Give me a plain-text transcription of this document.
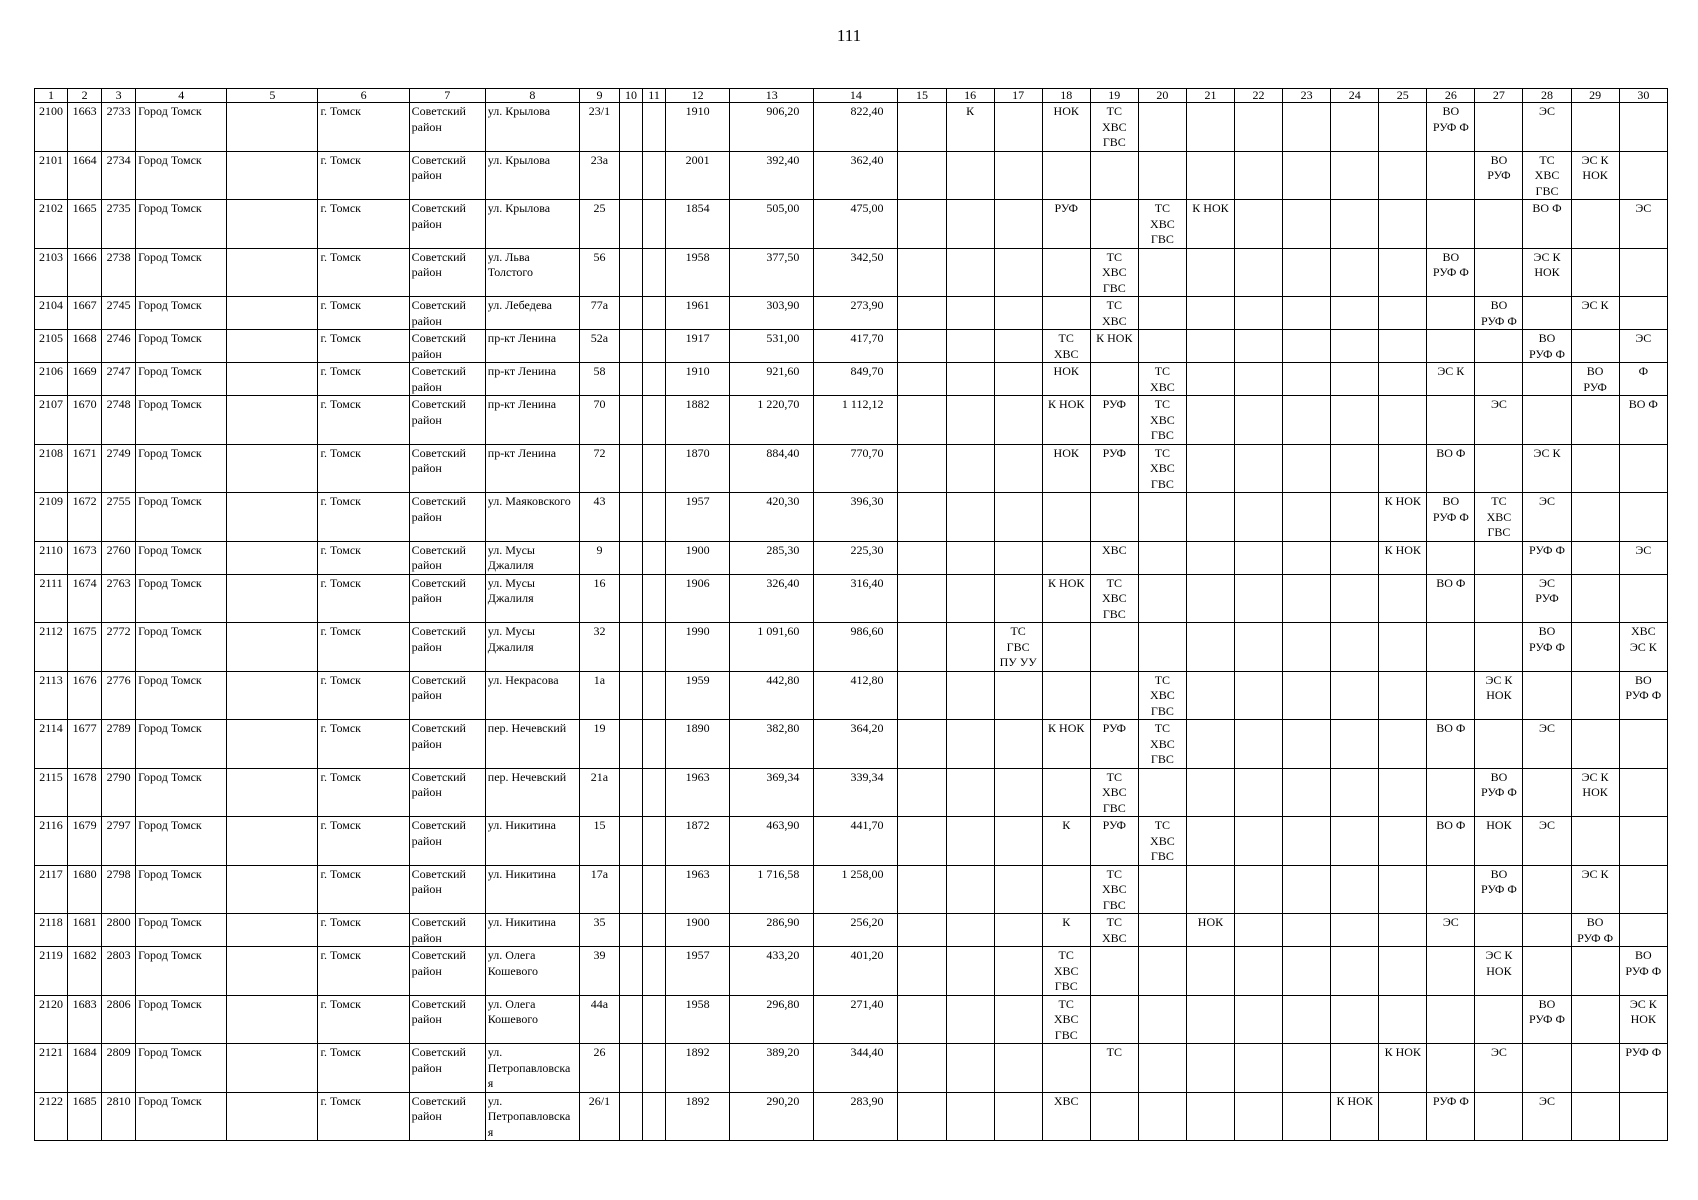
111
1	2	3	4	5	6	7	8	9	10	11	12	13	14	15	16	17	18	19	20	21	22	23	24	25	26	27	28	29	30
2100	1663	2733	Город Томск		г. Томск	Советский
район	ул. Крылова	23/1			1910	906,20	822,40		К		НОК	ТС
ХВС
ГВС							ВО
РУФ Ф		ЭС		
2101	1664	2734	Город Томск		г. Томск	Советский
район	ул. Крылова	23а			2001	392,40	362,40													ВО
РУФ	ТС
ХВС
ГВС	ЭС К
НОК	
2102	1665	2735	Город Томск		г. Томск	Советский
район	ул. Крылова	25			1854	505,00	475,00				РУФ		ТС
ХВС
ГВС	К НОК							ВО Ф		ЭС
2103	1666	2738	Город Томск		г. Томск	Советский
район	ул. Льва Толстого	56			1958	377,50	342,50					ТС
ХВС
ГВС							ВО
РУФ Ф		ЭС К
НОК		
2104	1667	2745	Город Томск		г. Томск	Советский
район	ул. Лебедева	77а			1961	303,90	273,90					ТС
ХВС								ВО
РУФ Ф		ЭС К	
2105	1668	2746	Город Томск		г. Томск	Советский
район	пр-кт Ленина	52а			1917	531,00	417,70				ТС
ХВС	К НОК									ВО
РУФ Ф		ЭС
2106	1669	2747	Город Томск		г. Томск	Советский
район	пр-кт Ленина	58			1910	921,60	849,70				НОК		ТС
ХВС						ЭС К			ВО
РУФ	Ф
2107	1670	2748	Город Томск		г. Томск	Советский
район	пр-кт Ленина	70			1882	1 220,70	1 112,12				К НОК	РУФ	ТС
ХВС
ГВС							ЭС			ВО Ф
2108	1671	2749	Город Томск		г. Томск	Советский
район	пр-кт Ленина	72			1870	884,40	770,70				НОК	РУФ	ТС
ХВС
ГВС						ВО Ф		ЭС К		
2109	1672	2755	Город Томск		г. Томск	Советский
район	ул. Маяковского	43			1957	420,30	396,30											К НОК	ВО
РУФ Ф	ТС
ХВС
ГВС	ЭС		
2110	1673	2760	Город Томск		г. Томск	Советский
район	ул. Мусы Джалиля	9			1900	285,30	225,30					ХВС						К НОК			РУФ Ф		ЭС
2111	1674	2763	Город Томск		г. Томск	Советский
район	ул. Мусы Джалиля	16			1906	326,40	316,40				К НОК	ТС
ХВС
ГВС							ВО Ф		ЭС
РУФ		
2112	1675	2772	Город Томск		г. Томск	Советский
район	ул. Мусы Джалиля	32			1990	1 091,60	986,60			ТС
ГВС
ПУ УУ											ВО
РУФ Ф		ХВС
ЭС К
2113	1676	2776	Город Томск		г. Томск	Советский
район	ул. Некрасова	1а			1959	442,80	412,80						ТС
ХВС
ГВС							ЭС К
НОК			ВО
РУФ Ф
2114	1677	2789	Город Томск		г. Томск	Советский
район	пер. Нечевский	19			1890	382,80	364,20				К НОК	РУФ	ТС
ХВС
ГВС						ВО Ф		ЭС		
2115	1678	2790	Город Томск		г. Томск	Советский
район	пер. Нечевский	21а			1963	369,34	339,34					ТС
ХВС
ГВС								ВО
РУФ Ф		ЭС К
НОК	
2116	1679	2797	Город Томск		г. Томск	Советский
район	ул. Никитина	15			1872	463,90	441,70				К	РУФ	ТС
ХВС
ГВС						ВО Ф	НОК	ЭС		
2117	1680	2798	Город Томск		г. Томск	Советский
район	ул. Никитина	17а			1963	1 716,58	1 258,00					ТС
ХВС
ГВС								ВО
РУФ Ф		ЭС К	
2118	1681	2800	Город Томск		г. Томск	Советский
район	ул. Никитина	35			1900	286,90	256,20				К	ТС
ХВС		НОК					ЭС			ВО
РУФ Ф	
2119	1682	2803	Город Томск		г. Томск	Советский
район	ул. Олега Кошевого	39			1957	433,20	401,20				ТС
ХВС
ГВС									ЭС К
НОК			ВО
РУФ Ф
2120	1683	2806	Город Томск		г. Томск	Советский
район	ул. Олега Кошевого	44а			1958	296,80	271,40				ТС
ХВС
ГВС										ВО
РУФ Ф		ЭС К
НОК
2121	1684	2809	Город Томск		г. Томск	Советский
район	ул.
Петропавловска
я	26			1892	389,20	344,40					ТС						К НОК		ЭС			РУФ Ф
2122	1685	2810	Город Томск		г. Томск	Советский
район	ул.
Петропавловска
я	26/1			1892	290,20	283,90				ХВС						К НОК		РУФ Ф		ЭС		
